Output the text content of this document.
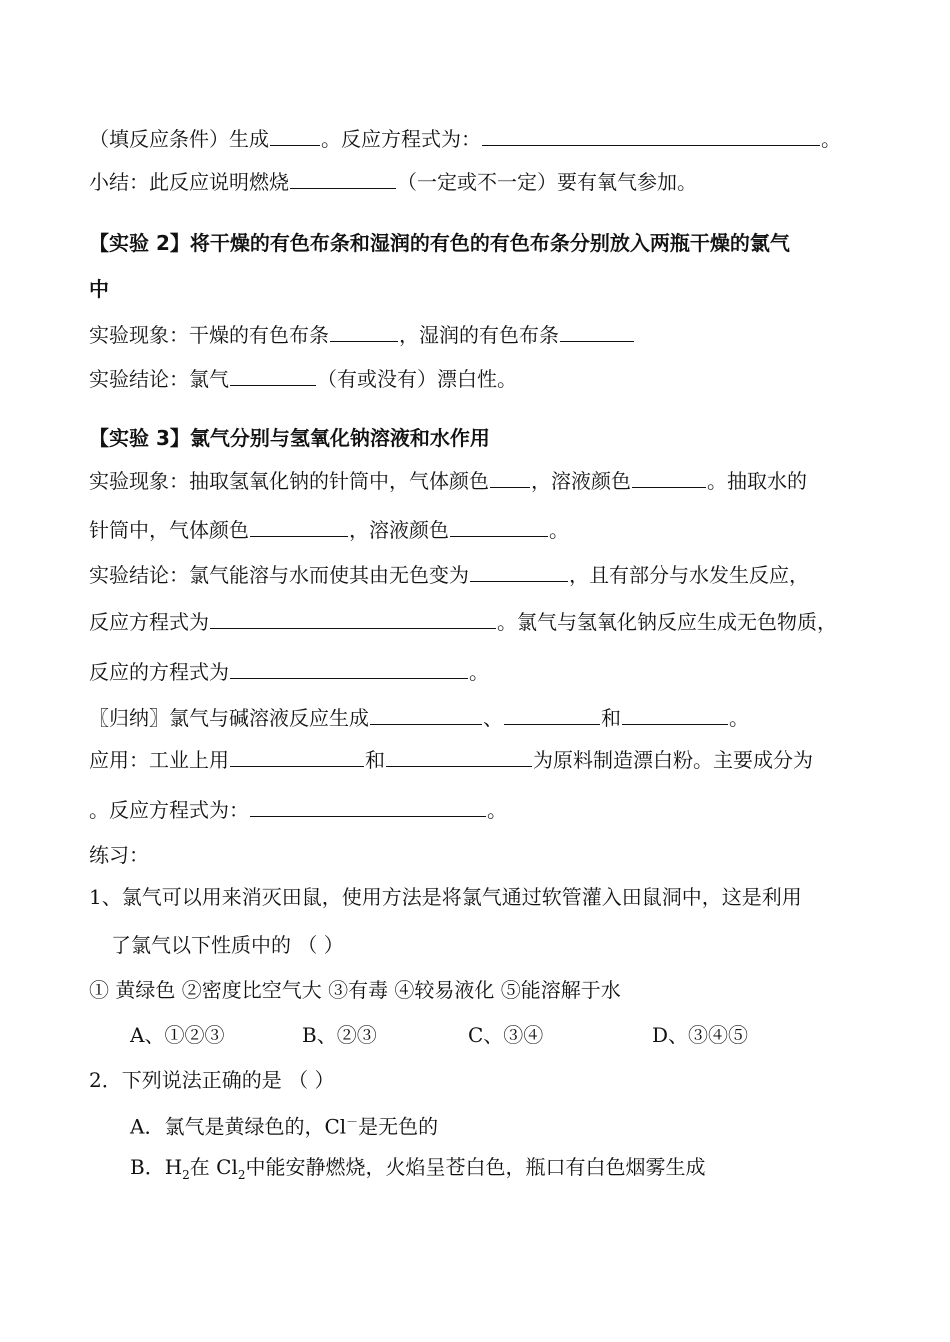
（填反应条件）生成	。反应方程式为：	。
小结：此反应说明燃烧	（一定或不一定）要有氧气参加。
【实验 2】将干燥的有色布条和湿润的有色的有色布条分别放入两瓶干燥的氯气
中
实验现象：干燥的有色布条	，湿润的有色布条
实验结论：氯气	（有或没有）漂白性。
【实验 3】氯气分别与氢氧化钠溶液和水作用
实验现象：抽取氢氧化钠的针筒中，气体颜色 ，溶液颜色	。抽取水的
针筒中，气体颜色	，溶液颜色	。
实验结论：氯气能溶与水而使其由无色变为	，且有部分与水发生反应，
反应方程式为	。氯气与氢氧化钠反应生成无色物质，
反应的方程式为	。
〖归纳〗氯气与碱溶液反应生成	、	和	。
应用：工业上用	和	为原料制造漂白粉。主要成分为
。反应方程式为：	。
练习：
1、氯气可以用来消灭田鼠，使用方法是将氯气通过软管灌入田鼠洞中，这是利用
了氯气以下性质中的 （ ）
① 黄绿色 ②密度比空气大 ③有毒 ④较易液化 ⑤能溶解于水
A、①②③	B、②③	C、③④	D、③④⑤
2．下列说法正确的是 （ ）
A．氯气是黄绿色的，Cl－是无色的
B．$H_2$在 $Cl_2$中能安静燃烧，火焰呈苍白色，瓶口有白色烟雾生成
